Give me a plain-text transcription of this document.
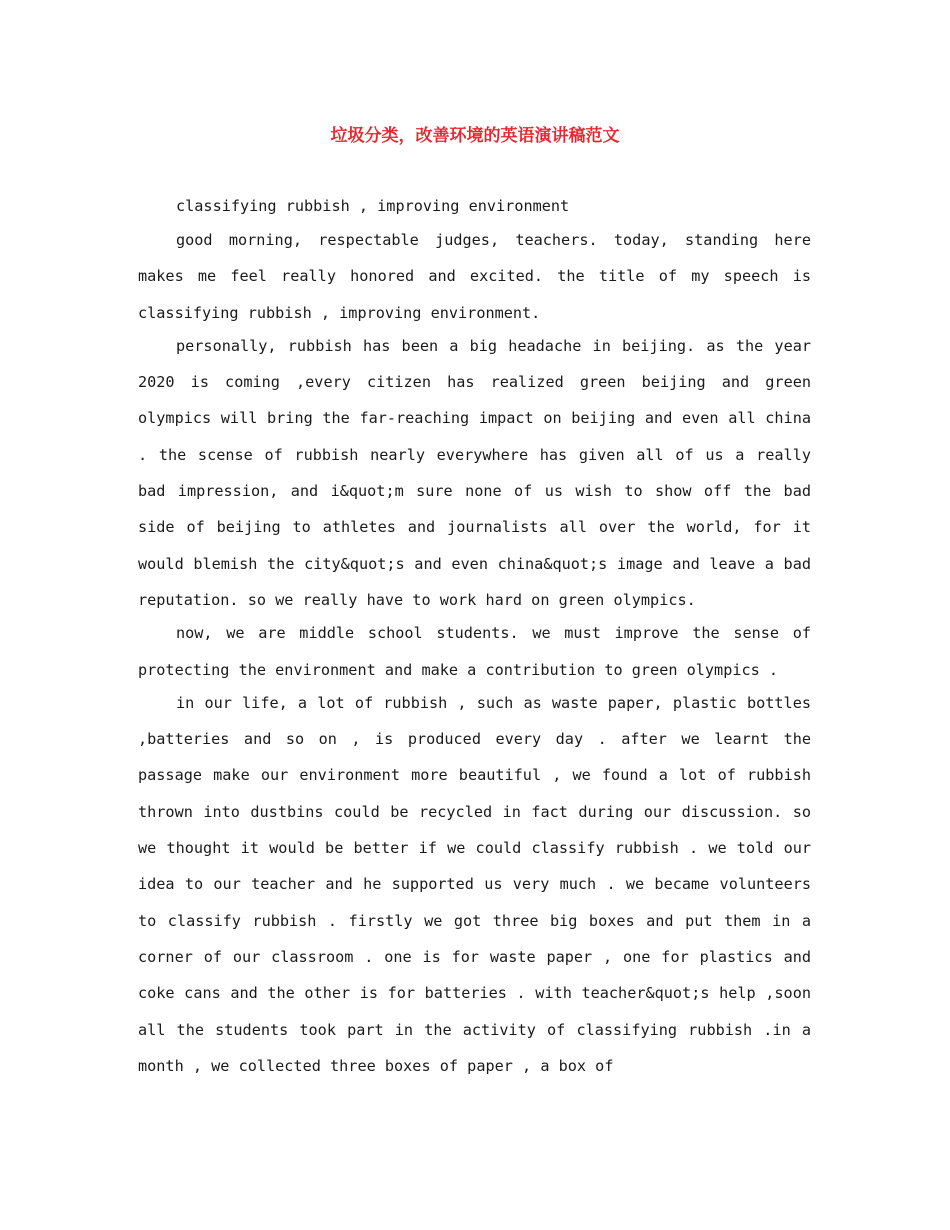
垃圾分类，改善环境的英语演讲稿范文

classifying rubbish , improving environment

good morning, respectable judges, teachers. today, standing here makes me feel really honored and excited. the title of my speech is classifying rubbish , improving environment.

personally, rubbish has been a big headache in beijing. as the year 2020 is coming ,every citizen has realized green beijing and green olympics will bring the far-reaching impact on beijing and even all china . the scense of rubbish nearly everywhere has given all of us a really bad impression, and i&quot;m sure none of us wish to show off the bad side of beijing to athletes and journalists all over the world, for it would blemish the city&quot;s and even china&quot;s image and leave a bad reputation. so we really have to work hard on green olympics.

now, we are middle school students. we must improve the sense of protecting the environment and make a contribution to green olympics .

in our life, a lot of rubbish , such as waste paper, plastic bottles ,batteries and so on , is produced every day . after we learnt the passage make our environment more beautiful , we found a lot of rubbish thrown into dustbins could be recycled in fact during our discussion. so we thought it would be better if we could classify rubbish . we told our idea to our teacher and he supported us very much . we became volunteers to classify rubbish . firstly we got three big boxes and put them in a corner of our classroom . one is for waste paper , one for plastics and coke cans and the other is for batteries . with teacher&quot;s help ,soon all the students took part in the activity of classifying rubbish .in a month , we collected three boxes of paper , a box of
